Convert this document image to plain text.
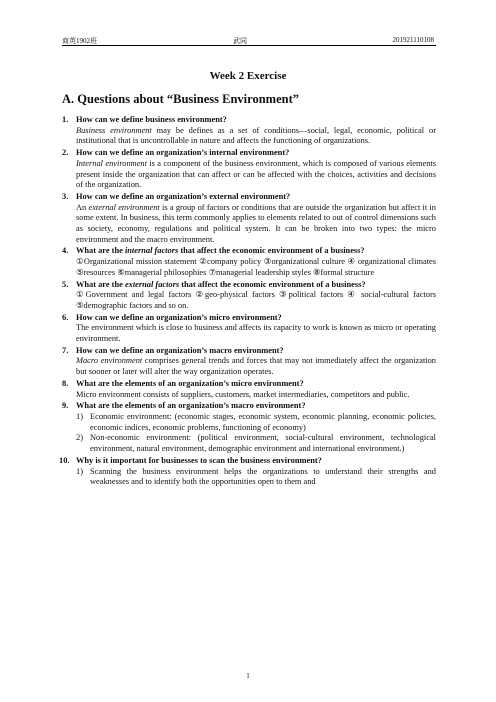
商英1902班	武同	201921110108
Week 2 Exercise
A. Questions about “Business Environment”
1. How can we define business environment?
Business environment may be defines as a set of conditions—social, legal, economic, political or institutional that is uncontrollable in nature and affects the functioning of organizations.
2. How can we define an organization’s internal environment?
Internal environment is a component of the business environment, which is composed of various elements present inside the organization that can affect or can be affected with the choices, activities and decisions of the organization.
3. How can we define an organization’s external environment?
An external environment is a group of factors or conditions that are outside the organization but affect it in some extent. In business, this term commonly applies to elements related to out of control dimensions such as society, economy, regulations and political system. It can be broken into two types: the micro environment and the macro environment.
4. What are the internal factors that affect the economic environment of a business?
①Organizational mission statement ②company policy ③organizational culture ④ organizational climates ⑤resources ⑥managerial philosophies ⑦managerial leadership styles ⑧formal structure
5. What are the external factors that affect the economic environment of a business?
①Government and legal factors ②geo-physical factors ③political factors ④ social-cultural factors ⑤demographic factors and so on.
6. How can we define an organization’s micro environment?
The environment which is close to business and affects its capacity to work is known as micro or operating environment.
7. How can we define an organization’s macro environment?
Macro environment comprises general trends and forces that may not immediately affect the organization but sooner or later will alter the way organization operates.
8. What are the elements of an organization’s micro environment?
Micro environment consists of suppliers, customers, market intermediaries, competitors and public.
9. What are the elements of an organization’s macro environment?
1) Economic environment: (economic stages, economic system, economic planning, economic policies, economic indices, economic problems, functioning of economy)
2) Non-economic environment: (political environment, social-cultural environment, technological environment, natural environment, demographic environment and international environment.)
10. Why is it important for businesses to scan the business environment?
1) Scanning the business environment helps the organizations to understand their strengths and weaknesses and to identify both the opportunities open to them and
1
